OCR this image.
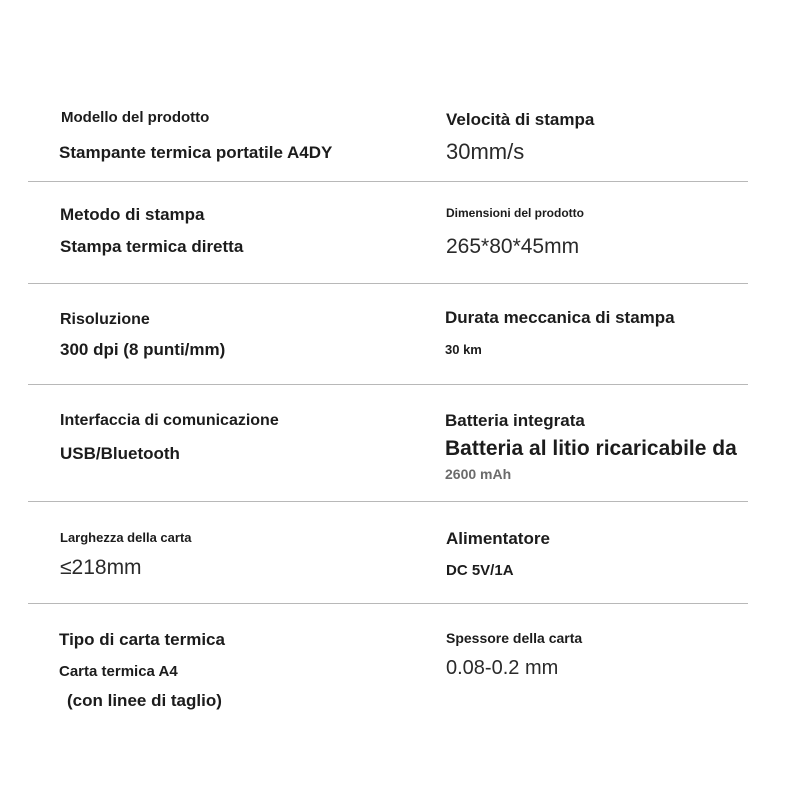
Modello del prodotto
Stampante termica portatile A4DY
Velocità di stampa
30mm/s
Metodo di stampa
Stampa termica diretta
Dimensioni del prodotto
265*80*45mm
Risoluzione
300 dpi (8 punti/mm)
Durata meccanica di stampa
30 km
Interfaccia di comunicazione
USB/Bluetooth
Batteria integrata
Batteria al litio ricaricabile da
2600 mAh
Larghezza della carta
≤218mm
Alimentatore
DC 5V/1A
Tipo di carta termica
Carta termica A4
(con linee di taglio)
Spessore della carta
0.08-0.2 mm
